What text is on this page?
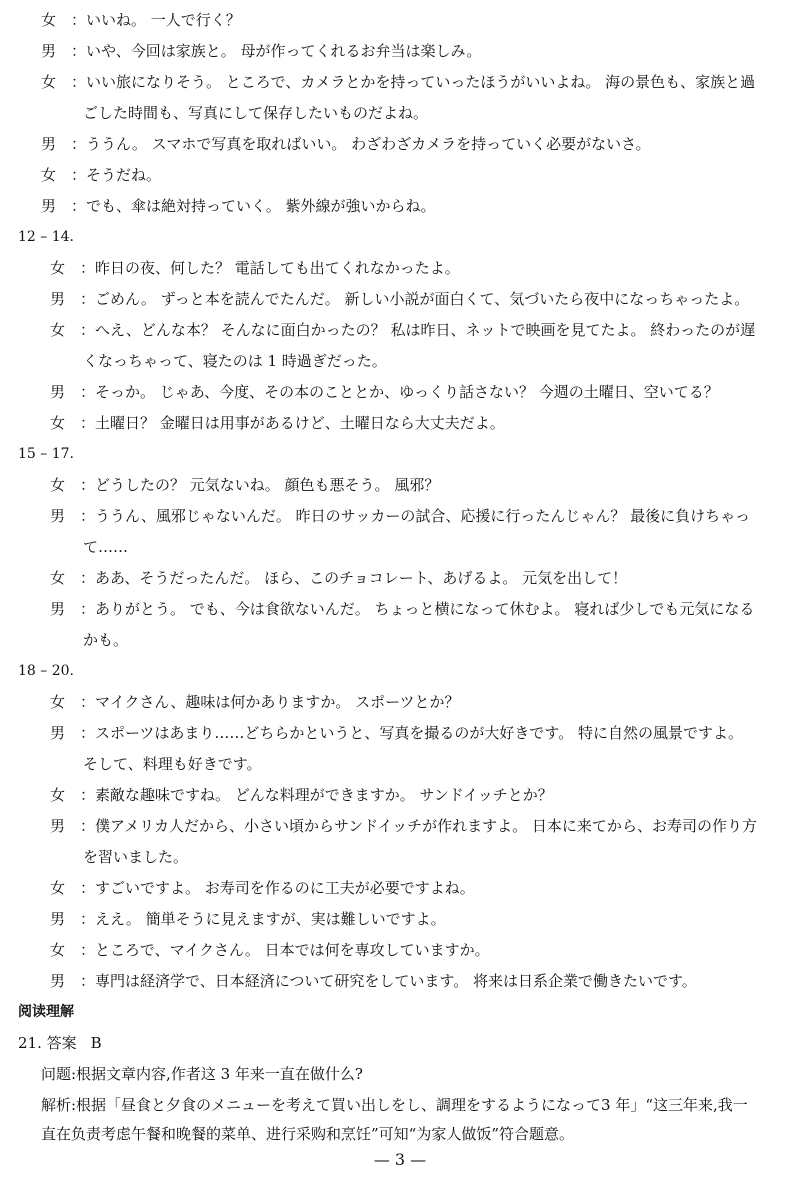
女 ：いいね。 一人で行く？
男 ：いや、今回は家族と。 母が作ってくれるお弁当は楽しみ。
女 ：いい旅になりそう。 ところで、カメラとかを持っていったほうがいいよね。 海の景色も、家族と過
ごした時間も、写真にして保存したいものだよね。
男 ：ううん。 スマホで写真を取ればいい。 わざわざカメラを持っていく必要がないさ。
女 ：そうだね。
男 ：でも、傘は絶対持っていく。 紫外線が強いからね。
12 – 14.
女 ：昨日の夜、何した？ 電話しても出てくれなかったよ。
男 ：ごめん。 ずっと本を読んでたんだ。 新しい小説が面白くて、気づいたら夜中になっちゃったよ。
女 ：へえ、どんな本？ そんなに面白かったの？ 私は昨日、ネットで映画を見てたよ。 終わったのが遅
くなっちゃって、寝たのは 1 時過ぎだった。
男 ：そっか。 じゃあ、今度、その本のこととか、ゆっくり話さない？ 今週の土曜日、空いてる？
女 ：土曜日？ 金曜日は用事があるけど、土曜日なら大丈夫だよ。
15 – 17.
女 ：どうしたの？ 元気ないね。 顔色も悪そう。 風邪？
男 ：ううん、風邪じゃないんだ。 昨日のサッカーの試合、応援に行ったんじゃん？ 最後に負けちゃっ
て……
女 ：ああ、そうだったんだ。 ほら、このチョコレート、あげるよ。 元気を出して！
男 ：ありがとう。 でも、今は食欲ないんだ。 ちょっと横になって休むよ。 寝れば少しでも元気になる
かも。
18 – 20.
女 ：マイクさん、趣味は何かありますか。 スポーツとか？
男 ：スポーツはあまり……どちらかというと、写真を撮るのが大好きです。 特に自然の風景ですよ。
そして、料理も好きです。
女 ：素敵な趣味ですね。 どんな料理ができますか。 サンドイッチとか？
男 ：僕アメリカ人だから、小さい頃からサンドイッチが作れますよ。 日本に来てから、お寿司の作り方
を習いました。
女 ：すごいですよ。 お寿司を作るのに工夫が必要ですよね。
男 ：ええ。 簡単そうに見えますが、実は難しいですよ。
女 ：ところで、マイクさん。 日本では何を専攻していますか。
男 ：専門は経済学で、日本経済について研究をしています。 将来は日系企業で働きたいです。
阅读理解
21. 答案 B
问题:根据文章内容,作者这 3 年来一直在做什么?
解析:根据「昼食と夕食のメニューを考えて買い出しをし、調理をするようになって3 年」“这三年来,我一
直在负责考虑午餐和晚餐的菜单、进行采购和烹饪”可知“为家人做饭”符合题意。
— 3 —
